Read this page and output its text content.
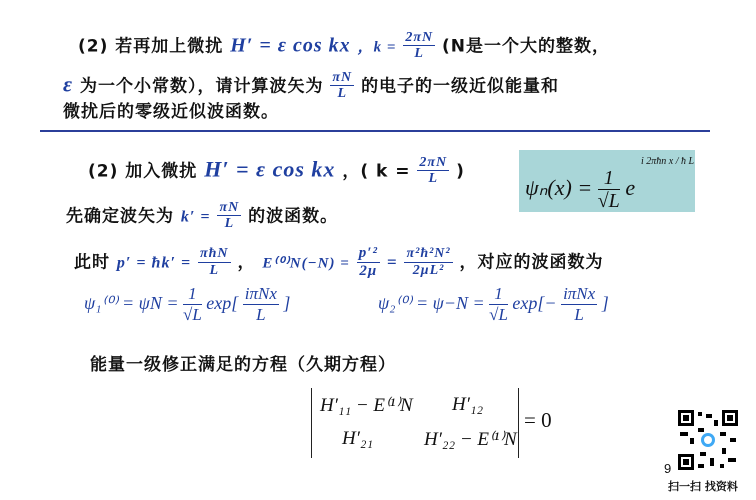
(2) 若再加上微扰 H′ = ε cos kx ，$k = \frac{2\pi N}{L} (N$是一个大的整数，
ε 为一个小常数），请计算波矢为 $\frac{\pi N}{L}$ 的电子的一级近似能量和
微扰后的零级近似波函数。
(2) 加入微扰 H′ = ε cos kx ，( $k = \frac{2\pi N}{L}$ )
$\psi_n(x) = \frac{1}{√L}$ e
i 2πħn x / ħ L
先确定波矢为 $k' = \frac{\pi N}{L}$ 的波函数。
此时 p′ = ħk′ = $\frac{\text{πħN}}{L}$ ， $E^{(0)}N(-N) = \frac{\text{p′²}}{2\mu} = \frac{\text{π²ħ²N²}}{\text{2μL²}}$ ，对应的波函数为
$\psi_1^{(0)} = \psi N = \frac{1}{√L} \exp[ \frac{\text{iπNx}}{L}$ ]	$\psi_2^{(0)} = \psi-N = \frac{1}{√L} \exp[- \frac{\text{iπNx}}{L}$ ]
能量一级修正满足的方程（久期方程）
H′₁₁ − E⁽¹⁾N H′₁₂
H′₂₁	H′₂₂ − E⁽¹⁾N
= 0
9
扫一扫 找资料
